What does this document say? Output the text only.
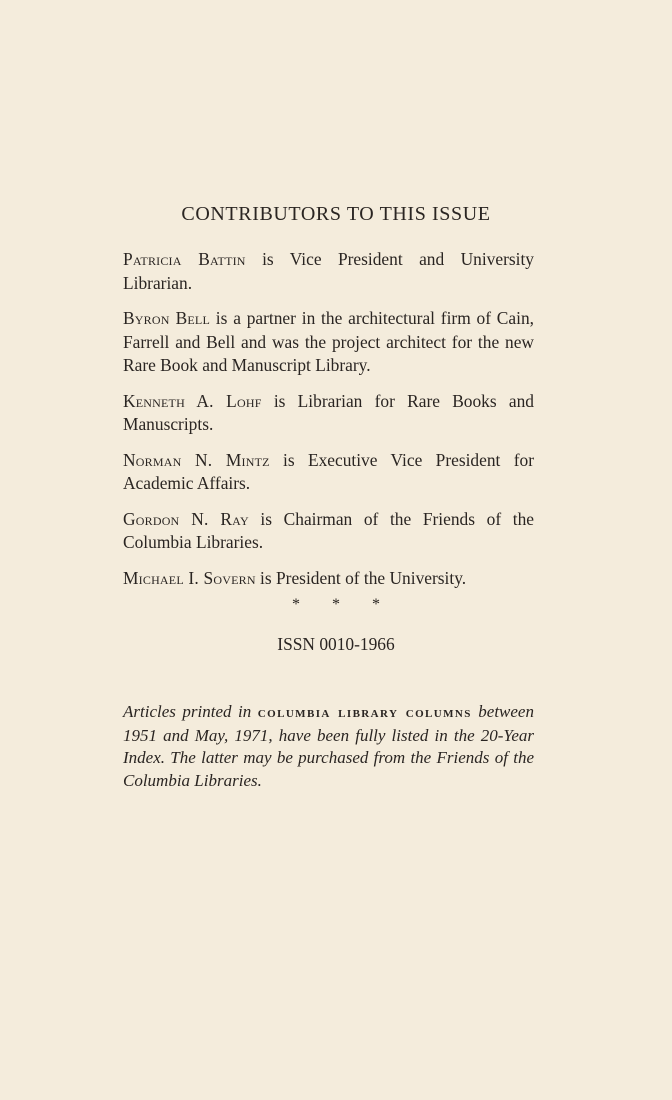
CONTRIBUTORS TO THIS ISSUE

Patricia Battin is Vice President and University Librarian.

Byron Bell is a partner in the architectural firm of Cain, Farrell and Bell and was the project architect for the new Rare Book and Manuscript Library.

Kenneth A. Lohf is Librarian for Rare Books and Manuscripts.

Norman N. Mintz is Executive Vice President for Academic Affairs.

Gordon N. Ray is Chairman of the Friends of the Columbia Libraries.

Michael I. Sovern is President of the University.

* * *
ISSN 0010-1966

Articles printed in columbia library columns between 1951 and May, 1971, have been fully listed in the 20-Year Index. The latter may be purchased from the Friends of the Columbia Libraries.
